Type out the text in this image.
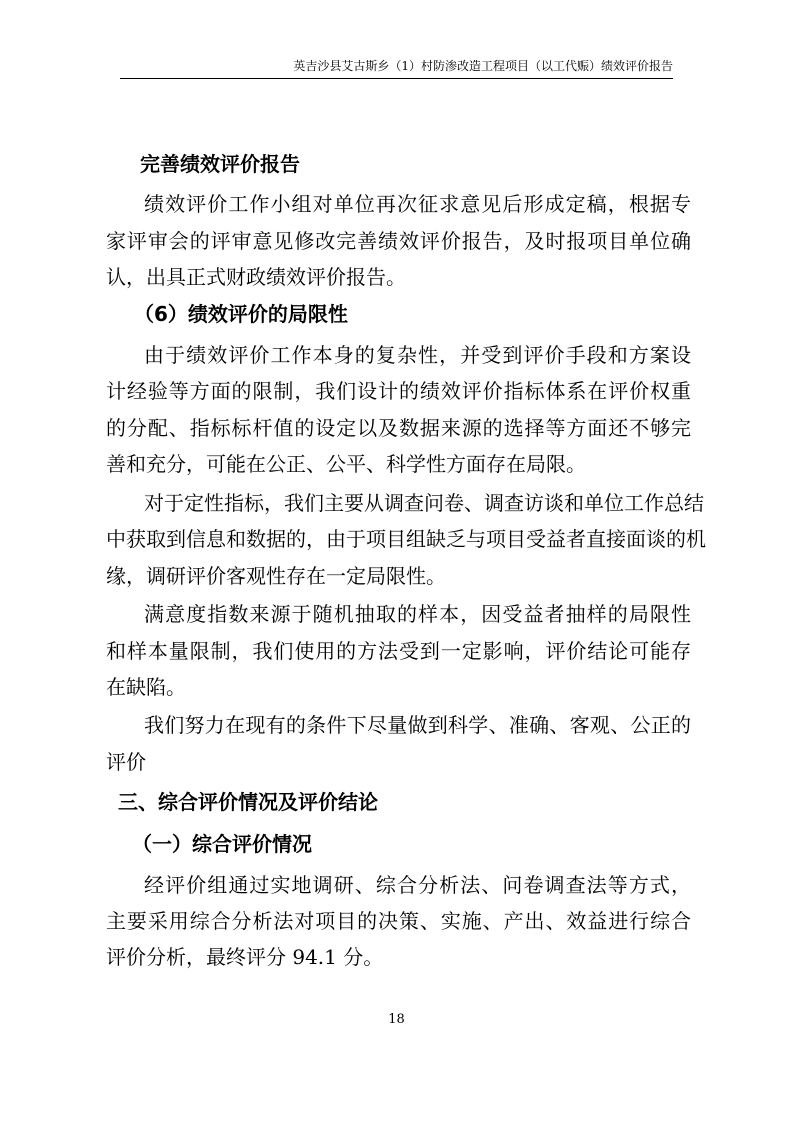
英吉沙县艾古斯乡（1）村防渗改造工程项目（以工代赈）绩效评价报告
完善绩效评价报告
绩效评价工作小组对单位再次征求意见后形成定稿，根据专
家评审会的评审意见修改完善绩效评价报告，及时报项目单位确
认，出具正式财政绩效评价报告。
（6）绩效评价的局限性
由于绩效评价工作本身的复杂性，并受到评价手段和方案设
计经验等方面的限制，我们设计的绩效评价指标体系在评价权重
的分配、指标标杆值的设定以及数据来源的选择等方面还不够完
善和充分，可能在公正、公平、科学性方面存在局限。
对于定性指标，我们主要从调查问卷、调查访谈和单位工作总结
中获取到信息和数据的，由于项目组缺乏与项目受益者直接面谈的机
缘，调研评价客观性存在一定局限性。
满意度指数来源于随机抽取的样本，因受益者抽样的局限性
和样本量限制，我们使用的方法受到一定影响，评价结论可能存
在缺陷。
我们努力在现有的条件下尽量做到科学、准确、客观、公正的
评价
三、综合评价情况及评价结论
（一）综合评价情况
经评价组通过实地调研、综合分析法、问卷调查法等方式，
主要采用综合分析法对项目的决策、实施、产出、效益进行综合
评价分析，最终评分 94.1 分。
18
